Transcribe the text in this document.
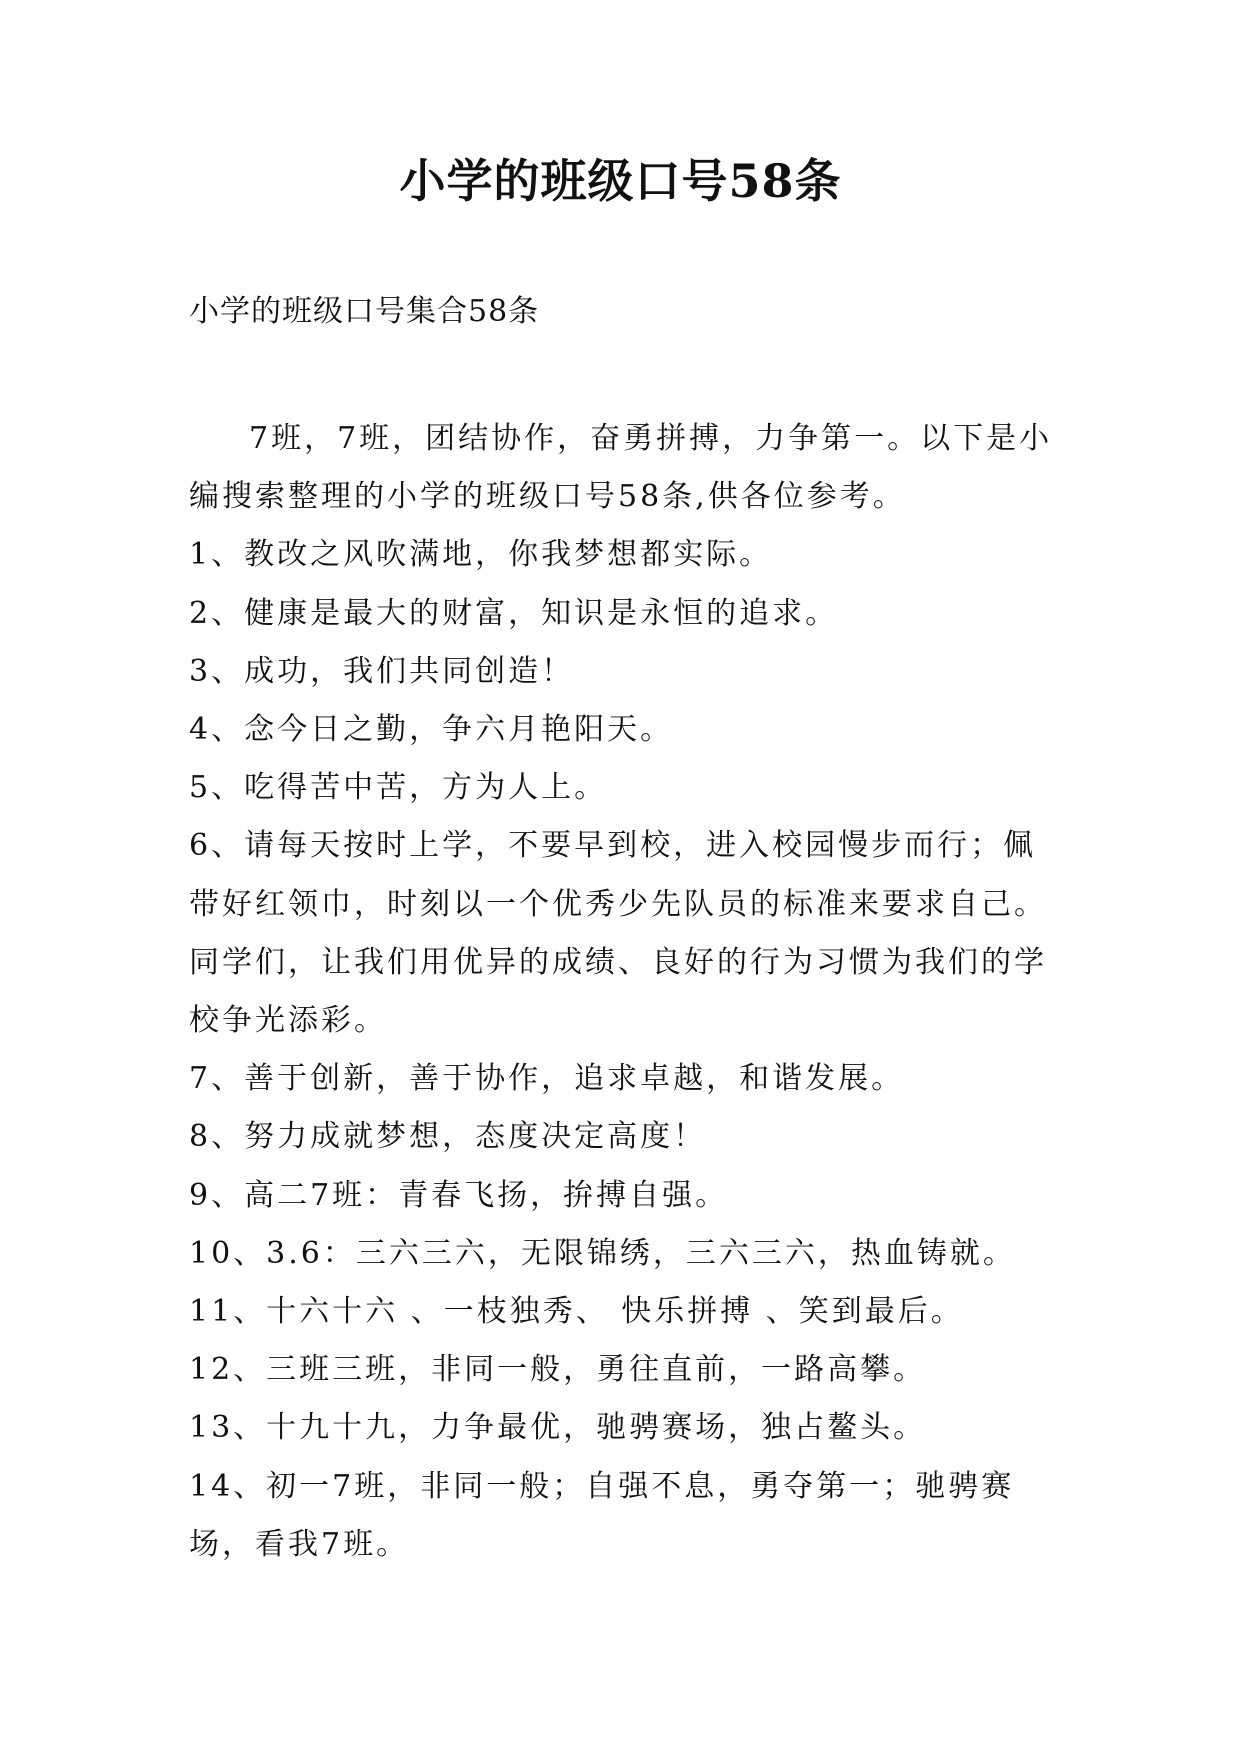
小学的班级口号58条
小学的班级口号集合58条

7班，7班，团结协作，奋勇拼搏，力争第一。以下是小编搜索整理的小学的班级口号58条,供各位参考。

1、教改之风吹满地，你我梦想都实际。

2、健康是最大的财富，知识是永恒的追求。

3、成功，我们共同创造！

4、念今日之勤，争六月艳阳天。

5、吃得苦中苦，方为人上。

6、请每天按时上学，不要早到校，进入校园慢步而行；佩带好红领巾，时刻以一个优秀少先队员的标准来要求自己。同学们，让我们用优异的成绩、良好的行为习惯为我们的学校争光添彩。

7、善于创新，善于协作，追求卓越，和谐发展。

8、努力成就梦想，态度决定高度！

9、高二7班：青春飞扬，拚搏自强。

10、3.6：三六三六，无限锦绣，三六三六，热血铸就。

11、十六十六 、一枝独秀、 快乐拼搏 、笑到最后。

12、三班三班，非同一般，勇往直前，一路高攀。

13、十九十九，力争最优，驰骋赛场，独占鳌头。

14、初一7班，非同一般；自强不息，勇夺第一；驰骋赛场，看我7班。
